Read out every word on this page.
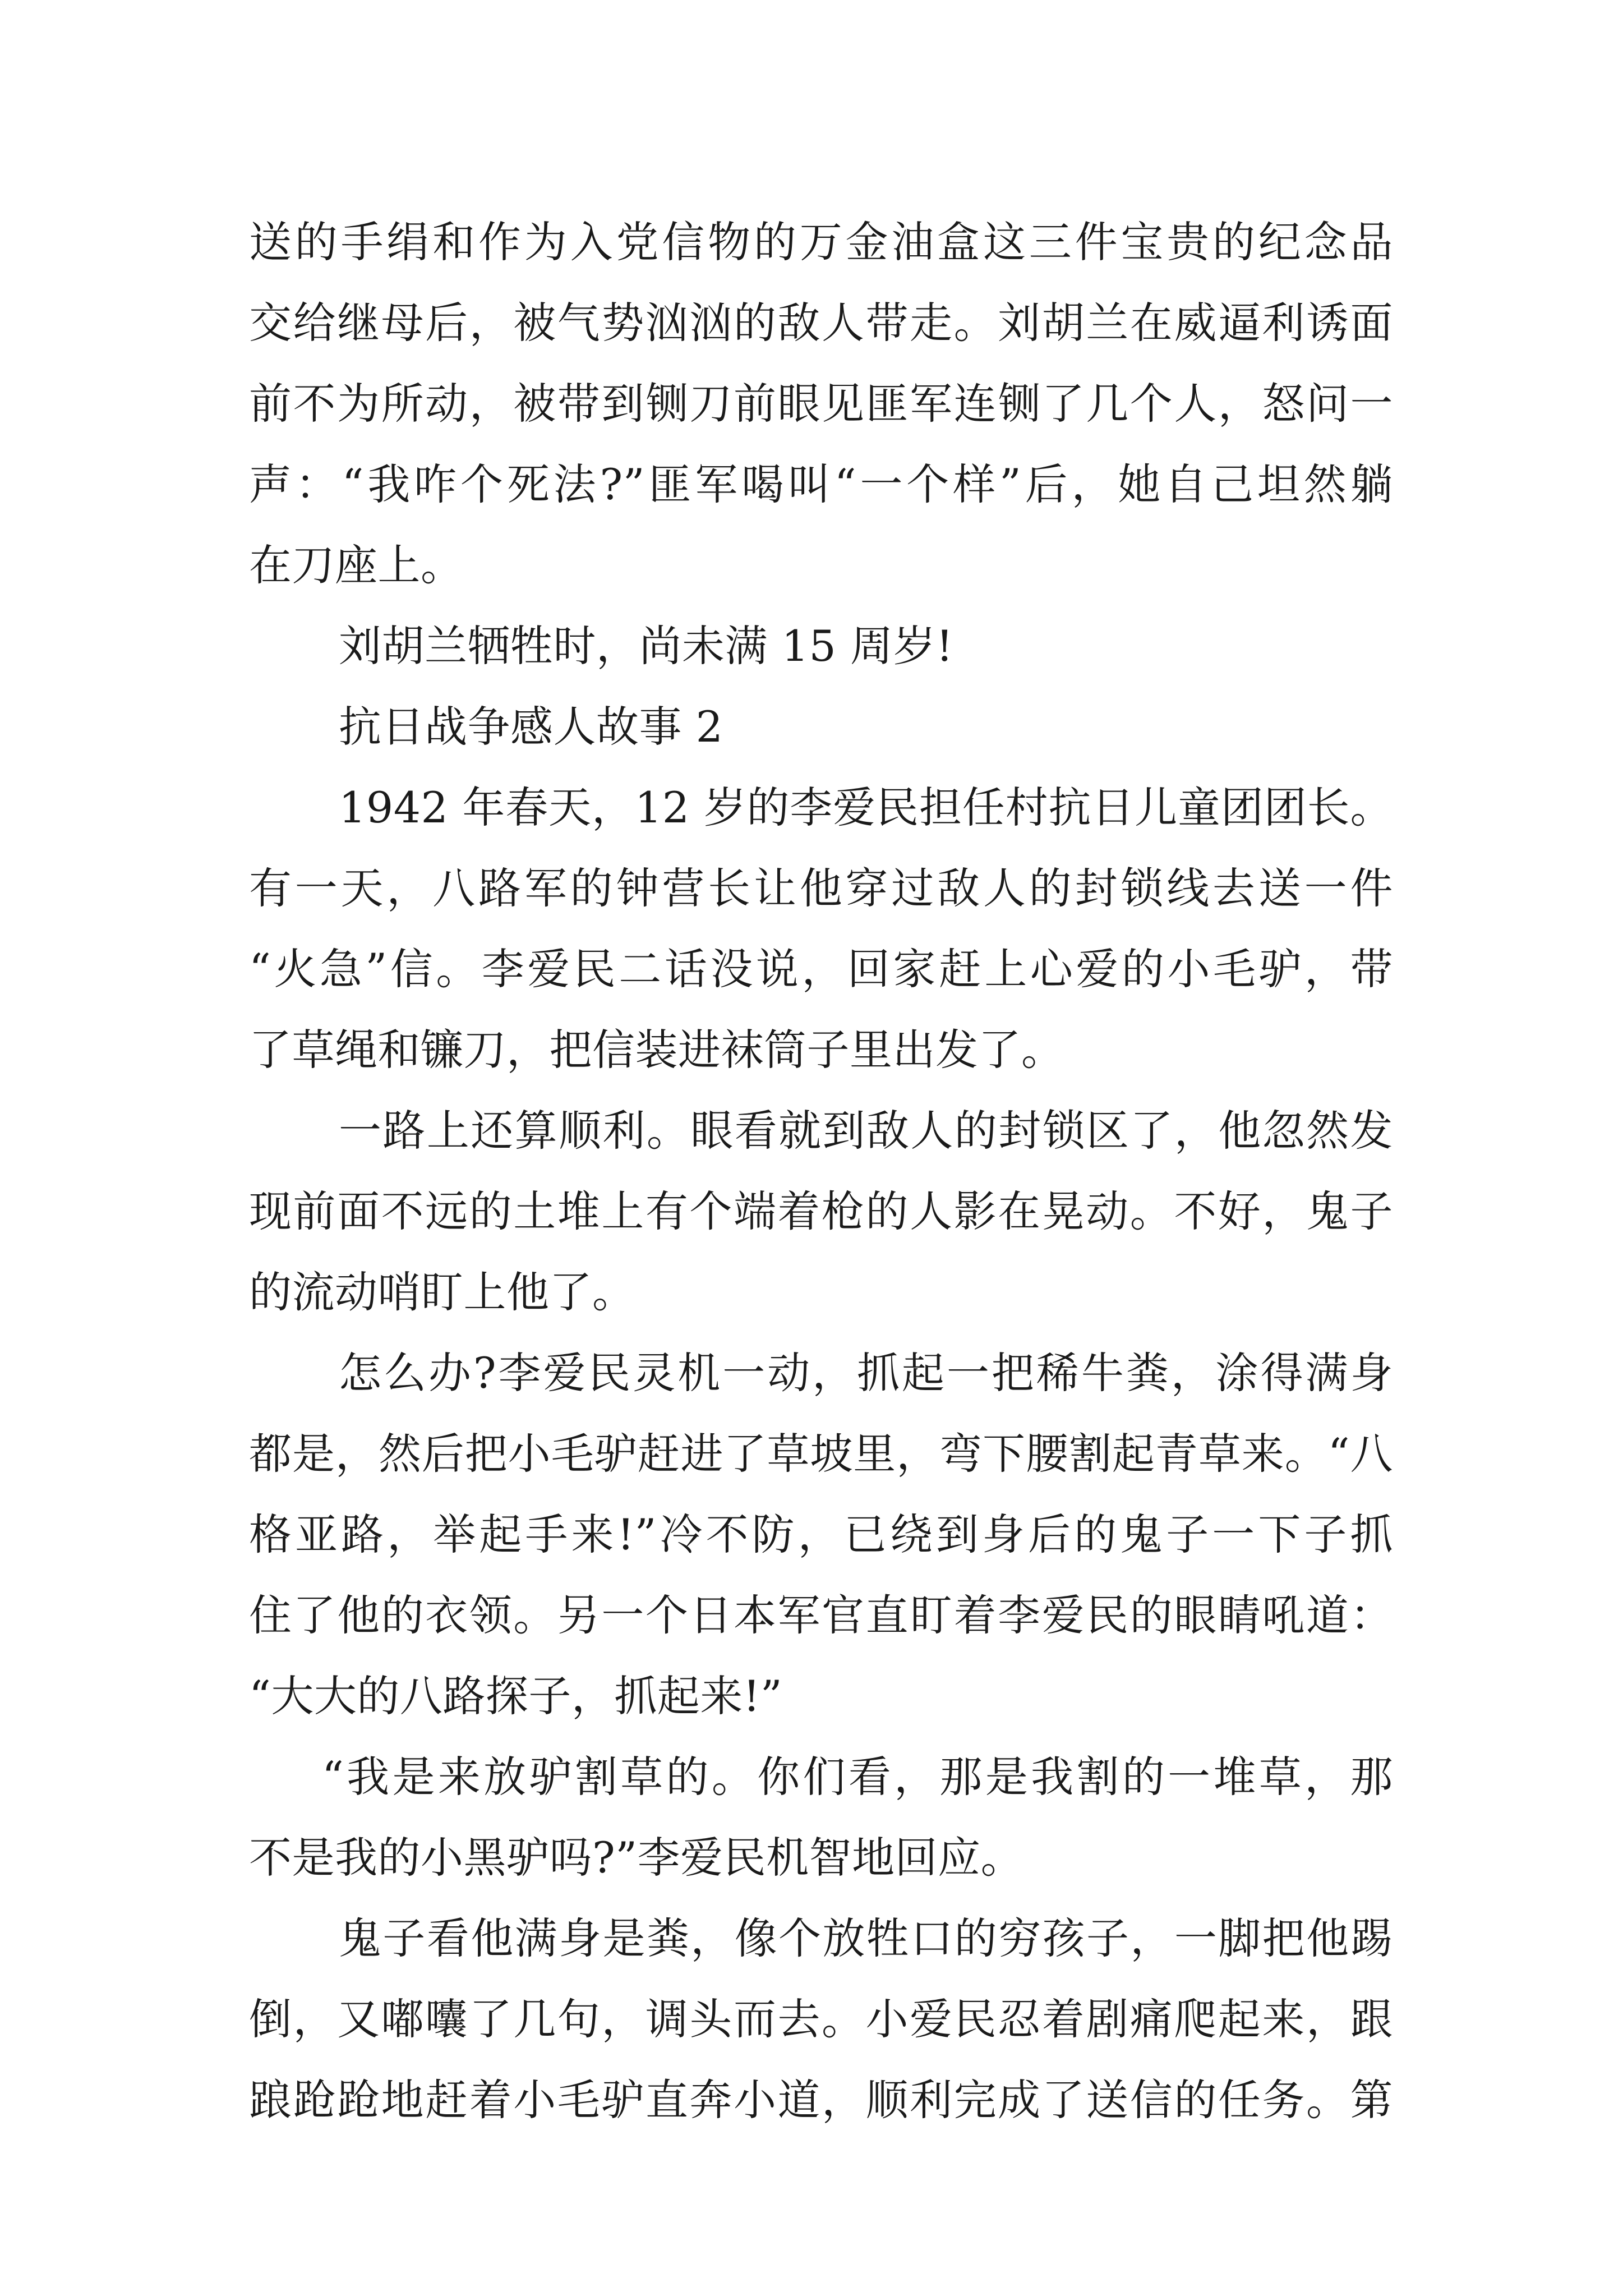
送的手绢和作为入党信物的万金油盒这三件宝贵的纪念品
交给继母后，被气势汹汹的敌人带走。刘胡兰在威逼利诱面
前不为所动，被带到铡刀前眼见匪军连铡了几个人，怒问一
声：“我咋个死法?”匪军喝叫“一个样”后，她自己坦然躺
在刀座上。
刘胡兰牺牲时，尚未满 15 周岁!
抗日战争感人故事 2
1942 年春天，12 岁的李爱民担任村抗日儿童团团长。
有一天，八路军的钟营长让他穿过敌人的封锁线去送一件
“火急”信。李爱民二话没说，回家赶上心爱的小毛驴，带
了草绳和镰刀，把信装进袜筒子里出发了。
一路上还算顺利。眼看就到敌人的封锁区了，他忽然发
现前面不远的土堆上有个端着枪的人影在晃动。不好，鬼子
的流动哨盯上他了。
怎么办?李爱民灵机一动，抓起一把稀牛粪，涂得满身
都是，然后把小毛驴赶进了草坡里，弯下腰割起青草来。“八
格亚路，举起手来!”冷不防，已绕到身后的鬼子一下子抓
住了他的衣领。另一个日本军官直盯着李爱民的眼睛吼道：
“大大的八路探子，抓起来!”
“我是来放驴割草的。你们看，那是我割的一堆草，那
不是我的小黑驴吗?”李爱民机智地回应。
鬼子看他满身是粪，像个放牲口的穷孩子，一脚把他踢
倒，又嘟囔了几句，调头而去。小爱民忍着剧痛爬起来，跟
踉跄跄地赶着小毛驴直奔小道，顺利完成了送信的任务。第
